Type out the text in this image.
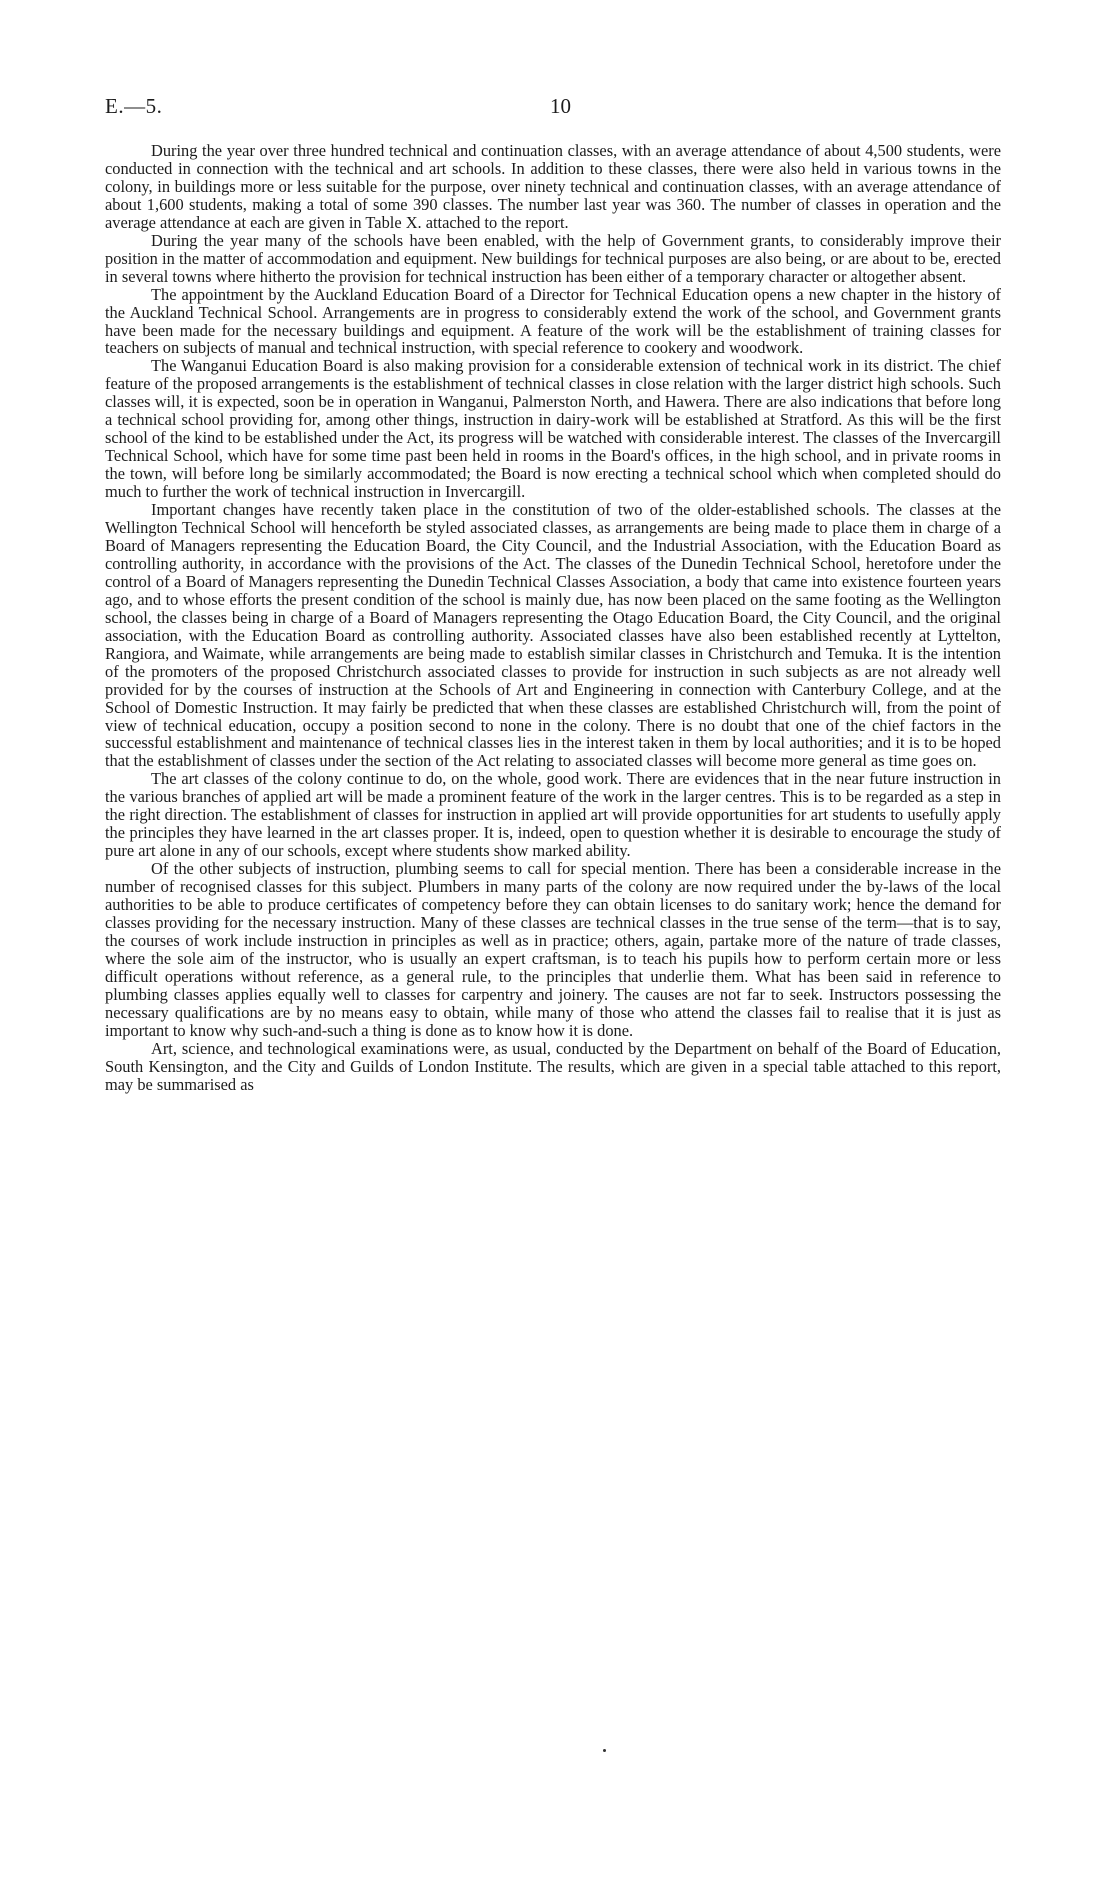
E.—5.	10

During the year over three hundred technical and continuation classes, with an average attendance of about 4,500 students, were conducted in connection with the technical and art schools. In addition to these classes, there were also held in various towns in the colony, in buildings more or less suitable for the purpose, over ninety technical and continuation classes, with an average attendance of about 1,600 students, making a total of some 390 classes. The number last year was 360. The number of classes in operation and the average attendance at each are given in Table X. attached to the report.

During the year many of the schools have been enabled, with the help of Government grants, to considerably improve their position in the matter of accommodation and equipment. New buildings for technical purposes are also being, or are about to be, erected in several towns where hitherto the provision for technical instruction has been either of a temporary character or altogether absent.

The appointment by the Auckland Education Board of a Director for Technical Education opens a new chapter in the history of the Auckland Technical School. Arrangements are in progress to considerably extend the work of the school, and Government grants have been made for the necessary buildings and equipment. A feature of the work will be the establishment of training classes for teachers on subjects of manual and technical instruction, with special reference to cookery and woodwork.

The Wanganui Education Board is also making provision for a considerable extension of technical work in its district. The chief feature of the proposed arrangements is the establishment of technical classes in close relation with the larger district high schools. Such classes will, it is expected, soon be in operation in Wanganui, Palmerston North, and Hawera. There are also indications that before long a technical school providing for, among other things, instruction in dairy-work will be established at Stratford. As this will be the first school of the kind to be established under the Act, its progress will be watched with considerable interest. The classes of the Invercargill Technical School, which have for some time past been held in rooms in the Board's offices, in the high school, and in private rooms in the town, will before long be similarly accommodated; the Board is now erecting a technical school which when completed should do much to further the work of technical instruction in Invercargill.

Important changes have recently taken place in the constitution of two of the older-established schools. The classes at the Wellington Technical School will henceforth be styled associated classes, as arrangements are being made to place them in charge of a Board of Managers representing the Education Board, the City Council, and the Industrial Association, with the Education Board as controlling authority, in accordance with the provisions of the Act. The classes of the Dunedin Technical School, heretofore under the control of a Board of Managers representing the Dunedin Technical Classes Association, a body that came into existence fourteen years ago, and to whose efforts the present condition of the school is mainly due, has now been placed on the same footing as the Wellington school, the classes being in charge of a Board of Managers representing the Otago Education Board, the City Council, and the original association, with the Education Board as controlling authority. Associated classes have also been established recently at Lyttelton, Rangiora, and Waimate, while arrangements are being made to establish similar classes in Christchurch and Temuka. It is the intention of the promoters of the proposed Christchurch associated classes to provide for instruction in such subjects as are not already well provided for by the courses of instruction at the Schools of Art and Engineering in connection with Canterbury College, and at the School of Domestic Instruction. It may fairly be predicted that when these classes are established Christchurch will, from the point of view of technical education, occupy a position second to none in the colony. There is no doubt that one of the chief factors in the successful establishment and maintenance of technical classes lies in the interest taken in them by local authorities; and it is to be hoped that the establishment of classes under the section of the Act relating to associated classes will become more general as time goes on.

The art classes of the colony continue to do, on the whole, good work. There are evidences that in the near future instruction in the various branches of applied art will be made a prominent feature of the work in the larger centres. This is to be regarded as a step in the right direction. The establishment of classes for instruction in applied art will provide opportunities for art students to usefully apply the principles they have learned in the art classes proper. It is, indeed, open to question whether it is desirable to encourage the study of pure art alone in any of our schools, except where students show marked ability.

Of the other subjects of instruction, plumbing seems to call for special mention. There has been a considerable increase in the number of recognised classes for this subject. Plumbers in many parts of the colony are now required under the by-laws of the local authorities to be able to produce certificates of competency before they can obtain licenses to do sanitary work; hence the demand for classes providing for the necessary instruction. Many of these classes are technical classes in the true sense of the term—that is to say, the courses of work include instruction in principles as well as in practice; others, again, partake more of the nature of trade classes, where the sole aim of the instructor, who is usually an expert craftsman, is to teach his pupils how to perform certain more or less difficult operations without reference, as a general rule, to the principles that underlie them. What has been said in reference to plumbing classes applies equally well to classes for carpentry and joinery. The causes are not far to seek. Instructors possessing the necessary qualifications are by no means easy to obtain, while many of those who attend the classes fail to realise that it is just as important to know why such-and-such a thing is done as to know how it is done.

Art, science, and technological examinations were, as usual, conducted by the Department on behalf of the Board of Education, South Kensington, and the City and Guilds of London Institute. The results, which are given in a special table attached to this report, may be summarised as
